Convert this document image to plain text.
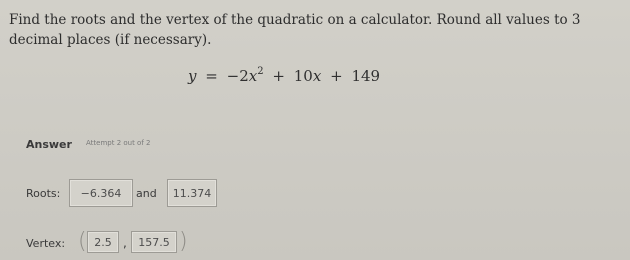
Find the roots and the vertex of the quadratic on a calculator. Round all values to 3 decimal places (if necessary).
$y = -2x^2 + 10x + 149$
Answer Attempt 2 out of 2
Roots:	−6.364	and	11.374
Vertex: ( 2.5 ,	157.5 )
